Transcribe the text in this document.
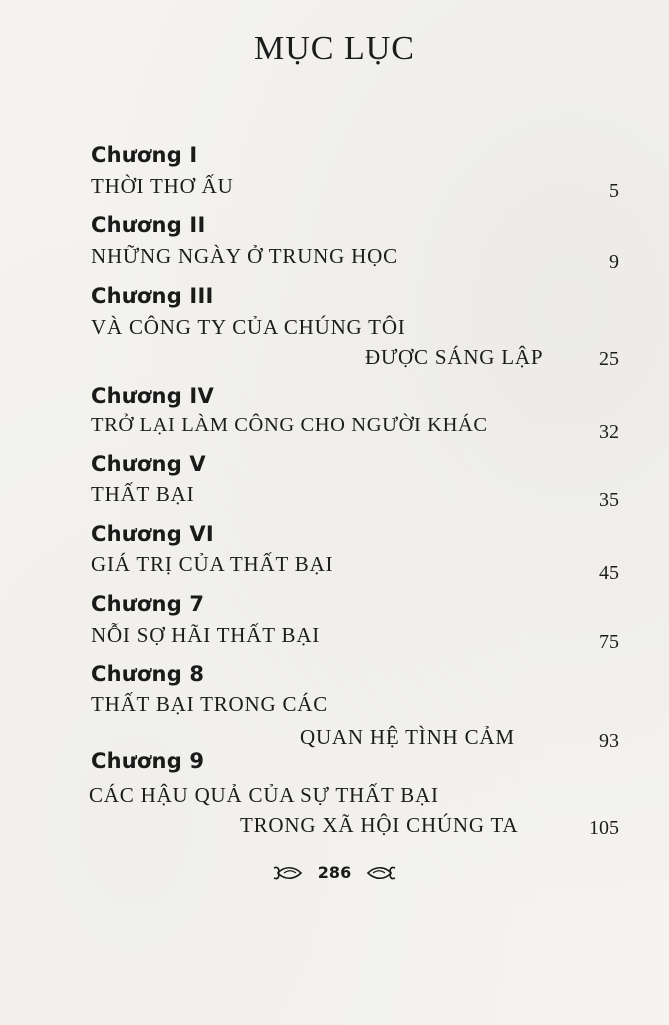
MỤC LỤC
Chương I
THỜI THƠ ẤU	5
Chương II
NHỮNG NGÀY Ở TRUNG HỌC	9
Chương III
VÀ CÔNG TY CỦA CHÚNG TÔI
ĐƯỢC SÁNG LẬP	25
Chương IV
TRỞ LẠI LÀM CÔNG CHO NGƯỜI KHÁC	32
Chương V
THẤT BẠI	35
Chương VI
GIÁ TRỊ CỦA THẤT BẠI	45
Chương 7
NỖI SỢ HÃI THẤT BẠI	75
Chương 8
THẤT BẠI TRONG CÁC
QUAN HỆ TÌNH CẢM	93
Chương 9
CÁC HẬU QUẢ CỦA SỰ THẤT BẠI
TRONG XÃ HỘI CHÚNG TA	105
286
